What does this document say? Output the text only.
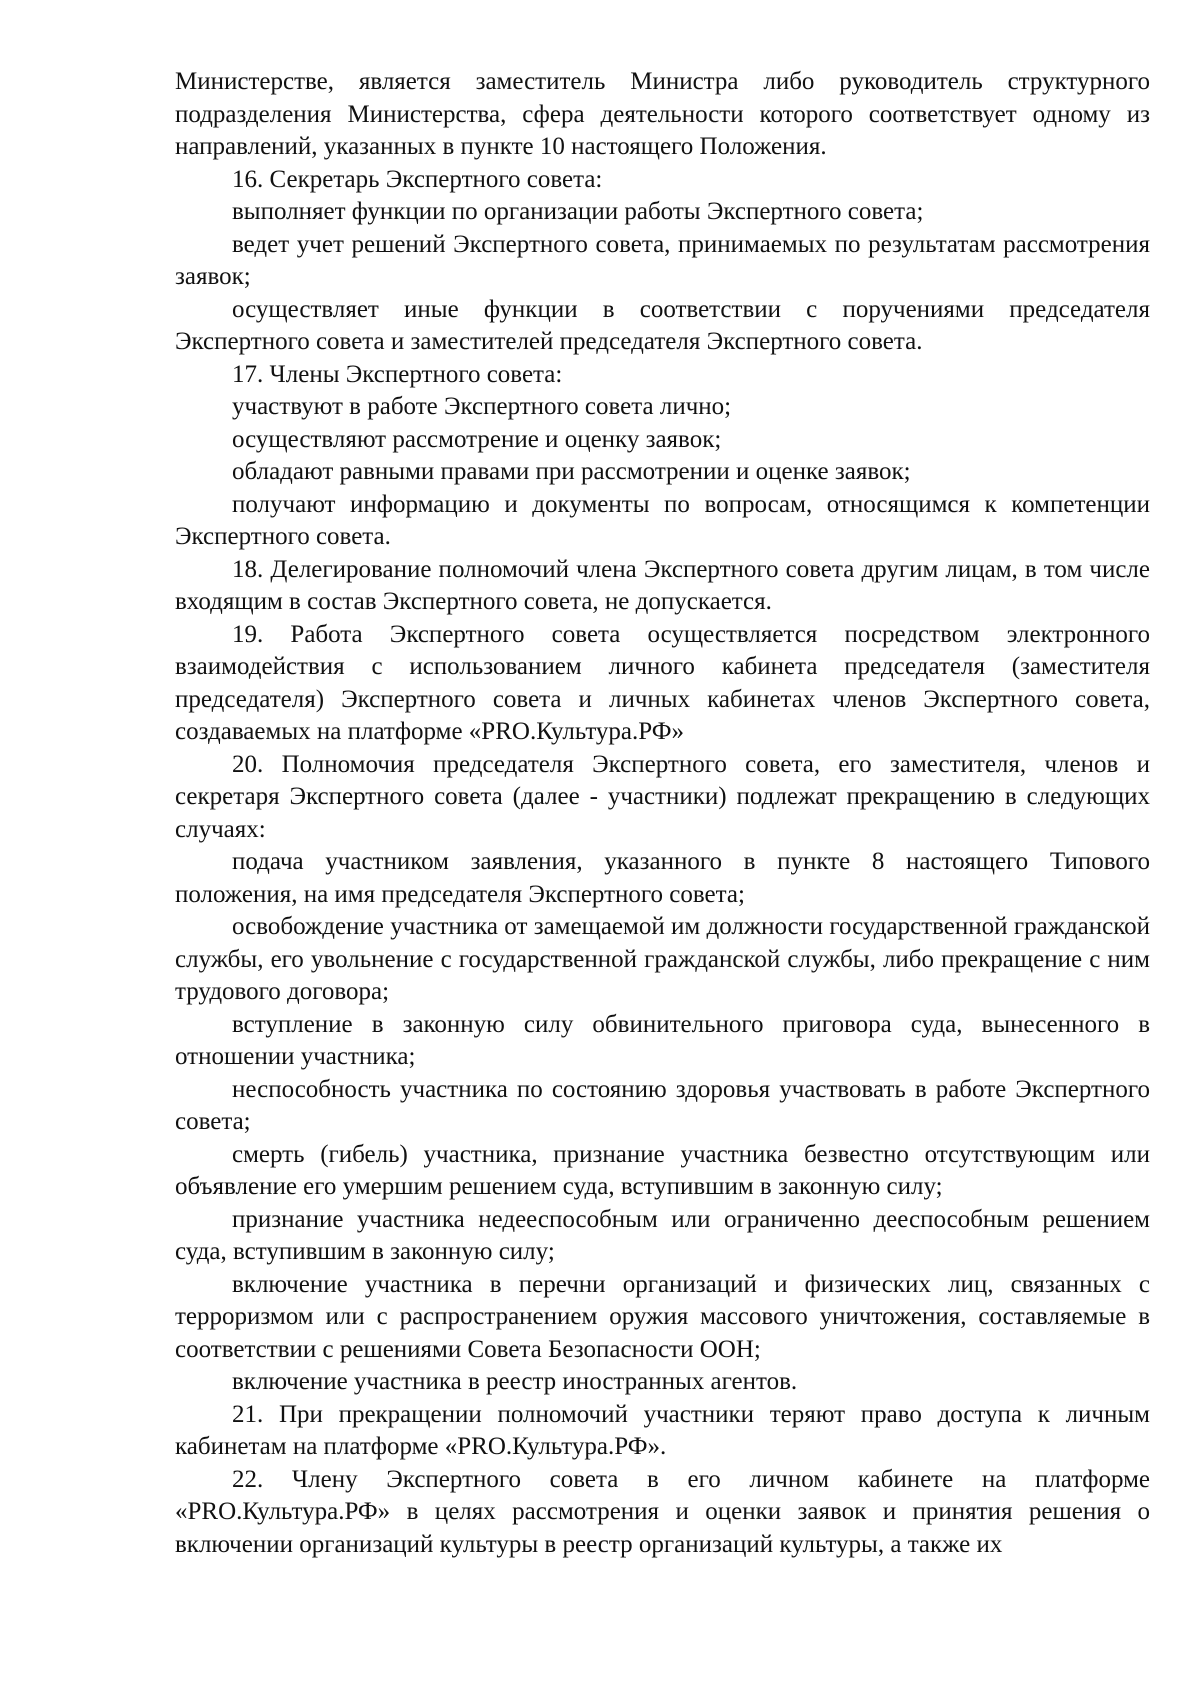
Министерстве, является заместитель Министра либо руководитель структурного подразделения Министерства, сфера деятельности которого соответствует одному из направлений, указанных в пункте 10 настоящего Положения.

16. Секретарь Экспертного совета:

выполняет функции по организации работы Экспертного совета;

ведет учет решений Экспертного совета, принимаемых по результатам рассмотрения заявок;

осуществляет иные функции в соответствии с поручениями председателя Экспертного совета и заместителей председателя Экспертного совета.

17. Члены Экспертного совета:

участвуют в работе Экспертного совета лично;

осуществляют рассмотрение и оценку заявок;

обладают равными правами при рассмотрении и оценке заявок;

получают информацию и документы по вопросам, относящимся к компетенции Экспертного совета.

18. Делегирование полномочий члена Экспертного совета другим лицам, в том числе входящим в состав Экспертного совета, не допускается.

19. Работа Экспертного совета осуществляется посредством электронного взаимодействия с использованием личного кабинета председателя (заместителя председателя) Экспертного совета и личных кабинетах членов Экспертного совета, создаваемых на платформе «PRO.Культура.РФ»

20. Полномочия председателя Экспертного совета, его заместителя, членов и секретаря Экспертного совета (далее - участники) подлежат прекращению в следующих случаях:

подача участником заявления, указанного в пункте 8 настоящего Типового положения, на имя председателя Экспертного совета;

освобождение участника от замещаемой им должности государственной гражданской службы, его увольнение с государственной гражданской службы, либо прекращение с ним трудового договора;

вступление в законную силу обвинительного приговора суда, вынесенного в отношении участника;

неспособность участника по состоянию здоровья участвовать в работе Экспертного совета;

смерть (гибель) участника, признание участника безвестно отсутствующим или объявление его умершим решением суда, вступившим в законную силу;

признание участника недееспособным или ограниченно дееспособным решением суда, вступившим в законную силу;

включение участника в перечни организаций и физических лиц, связанных с терроризмом или с распространением оружия массового уничтожения, составляемые в соответствии с решениями Совета Безопасности ООН;

включение участника в реестр иностранных агентов.

21. При прекращении полномочий участники теряют право доступа к личным кабинетам на платформе «PRO.Культура.РФ».

22. Члену Экспертного совета в его личном кабинете на платформе «PRO.Культура.РФ» в целях рассмотрения и оценки заявок и принятия решения о включении организаций культуры в реестр организаций культуры, а также их
